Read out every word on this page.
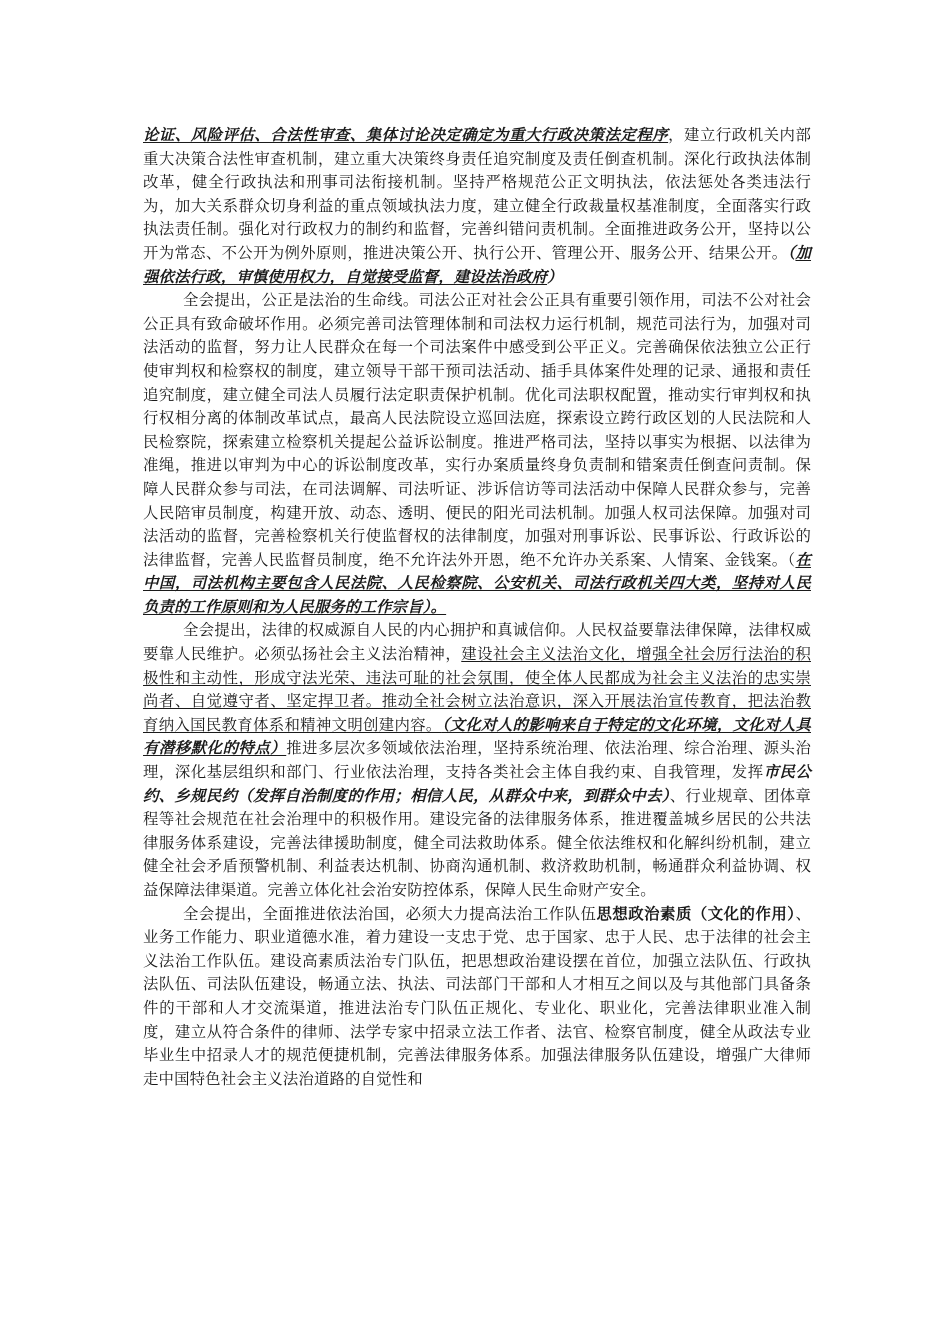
论证、风险评估、合法性审查、集体讨论决定确定为重大行政决策法定程序，建立行政机关内部重大决策合法性审查机制，建立重大决策终身责任追究制度及责任倒查机制。深化行政执法体制改革，健全行政执法和刑事司法衔接机制。坚持严格规范公正文明执法，依法惩处各类违法行为，加大关系群众切身利益的重点领域执法力度，建立健全行政裁量权基准制度，全面落实行政执法责任制。强化对行政权力的制约和监督，完善纠错问责机制。全面推进政务公开，坚持以公开为常态、不公开为例外原则，推进决策公开、执行公开、管理公开、服务公开、结果公开。（加强依法行政，审慎使用权力，自觉接受监督，建设法治政府）

全会提出，公正是法治的生命线。司法公正对社会公正具有重要引领作用，司法不公对社会公正具有致命破坏作用。必须完善司法管理体制和司法权力运行机制，规范司法行为，加强对司法活动的监督，努力让人民群众在每一个司法案件中感受到公平正义。完善确保依法独立公正行使审判权和检察权的制度，建立领导干部干预司法活动、插手具体案件处理的记录、通报和责任追究制度，建立健全司法人员履行法定职责保护机制。优化司法职权配置，推动实行审判权和执行权相分离的体制改革试点，最高人民法院设立巡回法庭，探索设立跨行政区划的人民法院和人民检察院，探索建立检察机关提起公益诉讼制度。推进严格司法，坚持以事实为根据、以法律为准绳，推进以审判为中心的诉讼制度改革，实行办案质量终身负责制和错案责任倒查问责制。保障人民群众参与司法，在司法调解、司法听证、涉诉信访等司法活动中保障人民群众参与，完善人民陪审员制度，构建开放、动态、透明、便民的阳光司法机制。加强人权司法保障。加强对司法活动的监督，完善检察机关行使监督权的法律制度，加强对刑事诉讼、民事诉讼、行政诉讼的法律监督，完善人民监督员制度，绝不允许法外开恩，绝不允许办关系案、人情案、金钱案。（在中国，司法机构主要包含人民法院、人民检察院、公安机关、司法行政机关四大类，坚持对人民负责的工作原则和为人民服务的工作宗旨）。

全会提出，法律的权威源自人民的内心拥护和真诚信仰。人民权益要靠法律保障，法律权威要靠人民维护。必须弘扬社会主义法治精神，建设社会主义法治文化，增强全社会厉行法治的积极性和主动性，形成守法光荣、违法可耻的社会氛围，使全体人民都成为社会主义法治的忠实崇尚者、自觉遵守者、坚定捍卫者。推动全社会树立法治意识，深入开展法治宣传教育，把法治教育纳入国民教育体系和精神文明创建内容。（文化对人的影响来自于特定的文化环境，文化对人具有潜移默化的特点）推进多层次多领域依法治理，坚持系统治理、依法治理、综合治理、源头治理，深化基层组织和部门、行业依法治理，支持各类社会主体自我约束、自我管理，发挥市民公约、乡规民约（发挥自治制度的作用；相信人民，从群众中来，到群众中去）、行业规章、团体章程等社会规范在社会治理中的积极作用。建设完备的法律服务体系，推进覆盖城乡居民的公共法律服务体系建设，完善法律援助制度，健全司法救助体系。健全依法维权和化解纠纷机制，建立健全社会矛盾预警机制、利益表达机制、协商沟通机制、救济救助机制，畅通群众利益协调、权益保障法律渠道。完善立体化社会治安防控体系，保障人民生命财产安全。

全会提出，全面推进依法治国，必须大力提高法治工作队伍思想政治素质（文化的作用）、业务工作能力、职业道德水准，着力建设一支忠于党、忠于国家、忠于人民、忠于法律的社会主义法治工作队伍。建设高素质法治专门队伍，把思想政治建设摆在首位，加强立法队伍、行政执法队伍、司法队伍建设，畅通立法、执法、司法部门干部和人才相互之间以及与其他部门具备条件的干部和人才交流渠道，推进法治专门队伍正规化、专业化、职业化，完善法律职业准入制度，建立从符合条件的律师、法学专家中招录立法工作者、法官、检察官制度，健全从政法专业毕业生中招录人才的规范便捷机制，完善法律服务体系。加强法律服务队伍建设，增强广大律师走中国特色社会主义法治道路的自觉性和
